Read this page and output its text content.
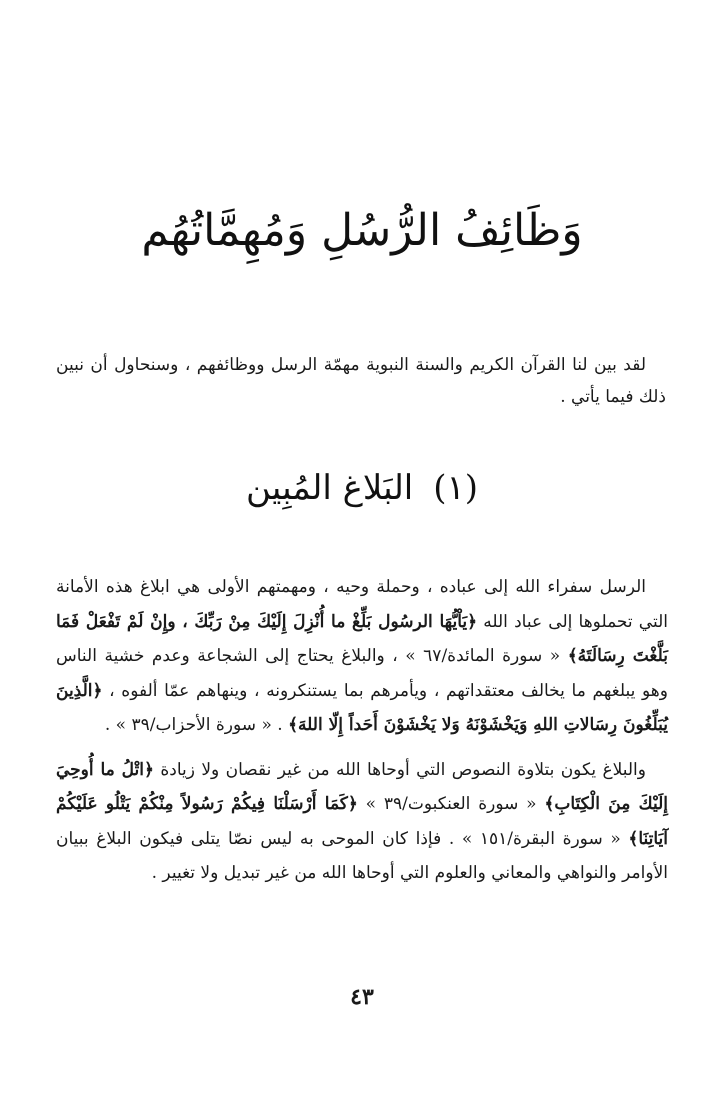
وَظَائِفُ الرُّسُلِ وَمُهِمَّاتُهُم

لقد بين لنا القرآن الكريم والسنة النبوية مهمّة الرسل ووظائفهم ، وسنحاول أن نبين ذلك فيما يأتي .

(١)البَلاغ المُبِين

الرسل سفراء الله إلى عباده ، وحملة وحيه ، ومهمتهم الأولى هي ابلاغ هذه الأمانة التي تحملوها إلى عباد الله ﴿يَاْيُّهَا الرسُول بَلِّغْ ما أُنْزِلَ إِلَيْكَ مِنْ رَبِّكَ ، وإِنْ لَمْ تَفْعَلْ فَمَا بَلَّغْتَ رِسَالَتَهُ﴾ « سورة المائدة/٦٧ » ، والبلاغ يحتاج إلى الشجاعة وعدم خشية الناس وهو يبلغهم ما يخالف معتقداتهم ، ويأمرهم بما يستنكرونه ، وينهاهم عمّا ألفوه ، ﴿الَّذِينَ يُبَلِّغُونَ رِسَالاتِ اللهِ وَيَخْشَوْنَهُ وَلا يَخْشَوْنَ أَحَداً إِلّا اللهَ﴾ . « سورة الأحزاب/٣٩ » .

والبلاغ يكون بتلاوة النصوص التي أوحاها الله من غير نقصان ولا زيادة ﴿اتْلُ ما أُوحِيَ إِلَيْكَ مِنَ الْكِتَابِ﴾ « سورة العنكبوت/٣٩ » ﴿كَمَا أَرْسَلْنَا فِيكُمْ رَسُولاً مِنْكُمْ يَتْلُو عَلَيْكُمْ آيَاتِنَا﴾ « سورة البقرة/١٥١ » . فإذا كان الموحى به ليس نصّا يتلى فيكون البلاغ ببيان الأوامر والنواهي والمعاني والعلوم التي أوحاها الله من غير تبديل ولا تغيير .

٤٣
